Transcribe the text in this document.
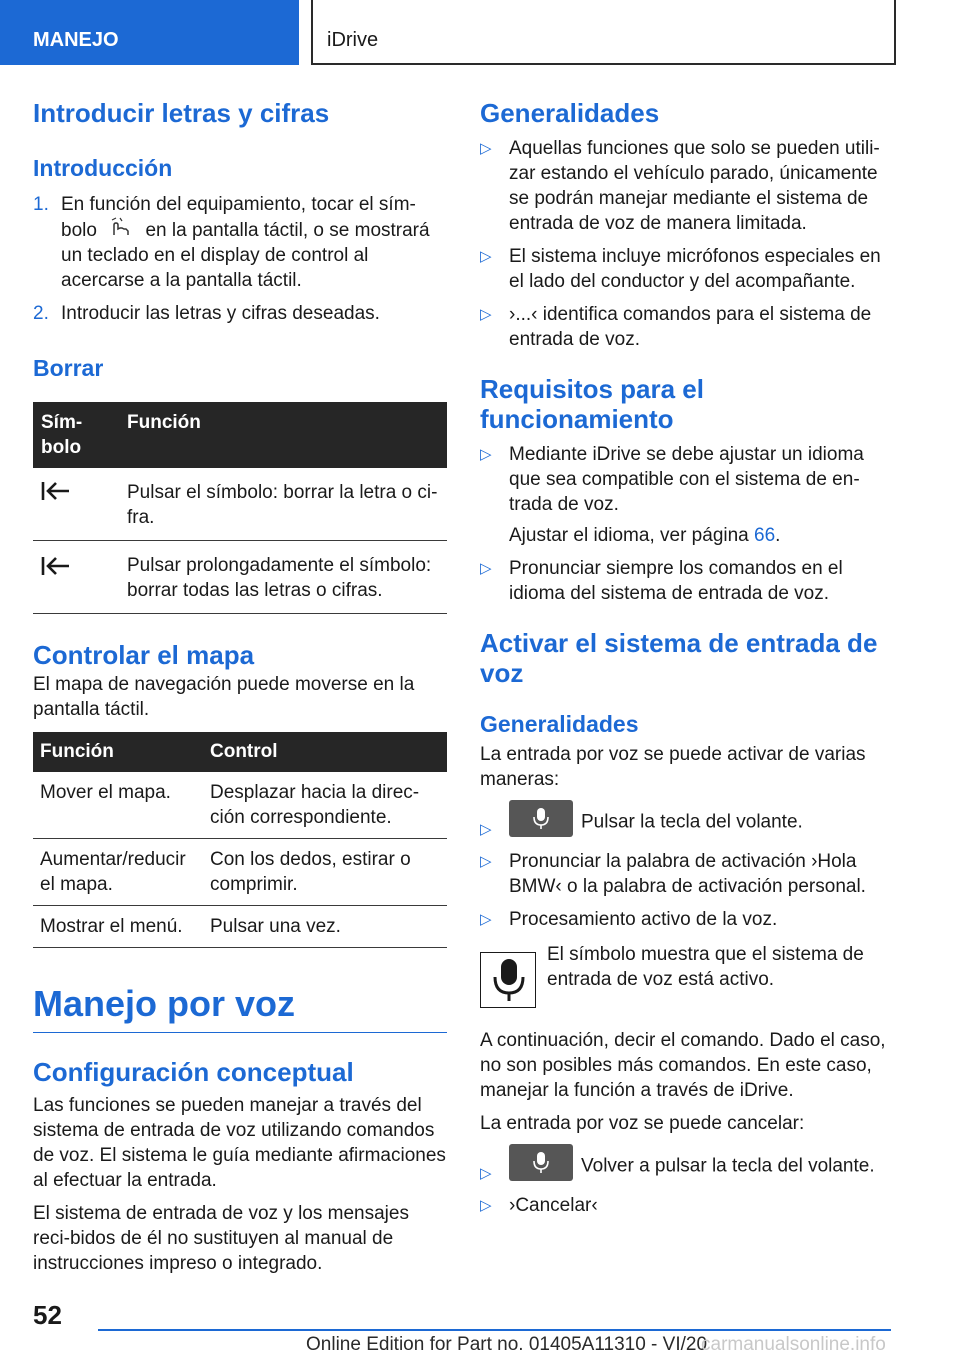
MANEJO	iDrive
Introducir letras y cifras
Introducción
1. En función del equipamiento, tocar el sím-
bolo	en la pantalla táctil, o se mostrará un teclado en el display de control al acercarse a la pantalla táctil.
2. Introducir las letras y cifras deseadas.
Borrar
Sím-bolo	Función
	Pulsar el símbolo: borrar la letra o ci-fra.
	Pulsar prolongadamente el símbolo: borrar todas las letras o cifras.
Controlar el mapa
El mapa de navegación puede moverse en la pantalla táctil.
Función	Control
Mover el mapa.	Desplazar hacia la direc-ción correspondiente.
Aumentar/reducir el mapa.	Con los dedos, estirar o comprimir.
Mostrar el menú.	Pulsar una vez.
Manejo por voz
Configuración conceptual
Las funciones se pueden manejar a través del sistema de entrada de voz utilizando comandos de voz. El sistema le guía mediante afirmaciones al efectuar la entrada.
El sistema de entrada de voz y los mensajes reci-bidos de él no sustituyen al manual de instrucciones impreso o integrado.
Generalidades
▷ Aquellas funciones que solo se pueden utili-zar estando el vehículo parado, únicamente se podrán manejar mediante el sistema de entrada de voz de manera limitada.
▷ El sistema incluye micrófonos especiales en el lado del conductor y del acompañante.
▷ ›...‹ identifica comandos para el sistema de entrada de voz.
Requisitos para el funcionamiento
▷ Mediante iDrive se debe ajustar un idioma que sea compatible con el sistema de en-trada de voz.
Ajustar el idioma, ver página 66.
▷ Pronunciar siempre los comandos en el idioma del sistema de entrada de voz.
Activar el sistema de entrada de voz
Generalidades
La entrada por voz se puede activar de varias maneras:
▷	Pulsar la tecla del volante.
▷ Pronunciar la palabra de activación ›Hola BMW‹ o la palabra de activación personal.
▷ Procesamiento activo de la voz.
El símbolo muestra que el sistema de entrada de voz está activo.
A continuación, decir el comando. Dado el caso, no son posibles más comandos. En este caso, manejar la función a través de iDrive.
La entrada por voz se puede cancelar:
▷	Volver a pulsar la tecla del volante.
▷ ›Cancelar‹
52
Online Edition for Part no. 01405A11310 - VI/20
carmanualsonline.info
